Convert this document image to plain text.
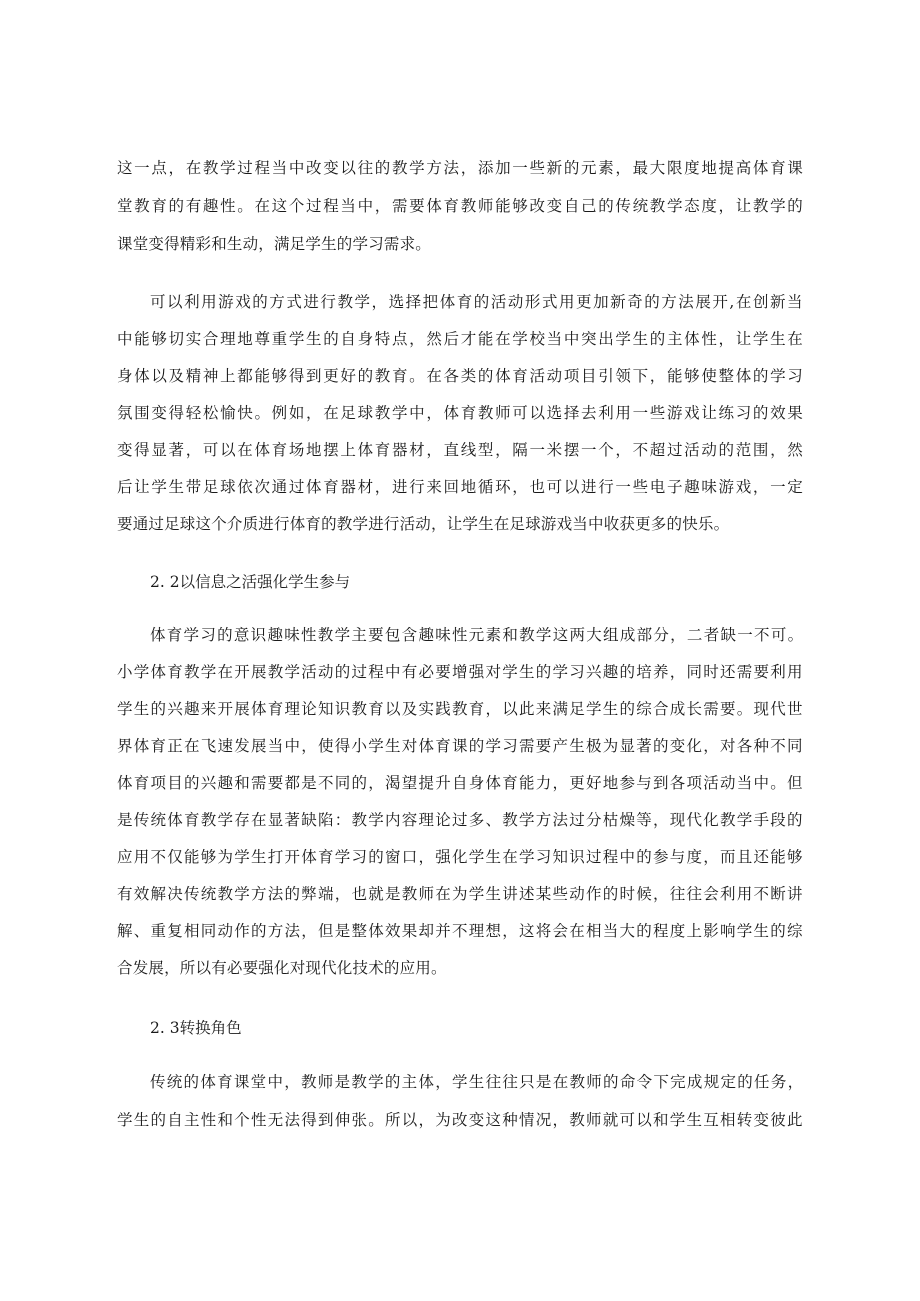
这一点，在教学过程当中改变以往的教学方法，添加一些新的元素，最大限度地提高体育课
堂教育的有趣性。在这个过程当中，需要体育教师能够改变自己的传统教学态度，让教学的
课堂变得精彩和生动，满足学生的学习需求。
可以利用游戏的方式进行教学，选择把体育的活动形式用更加新奇的方法展开,在创新当
中能够切实合理地尊重学生的自身特点，然后才能在学校当中突出学生的主体性，让学生在
身体以及精神上都能够得到更好的教育。在各类的体育活动项目引领下，能够使整体的学习
氛围变得轻松愉快。例如，在足球教学中，体育教师可以选择去利用一些游戏让练习的效果
变得显著，可以在体育场地摆上体育器材，直线型，隔一米摆一个，不超过活动的范围，然
后让学生带足球依次通过体育器材，进行来回地循环，也可以进行一些电子趣味游戏，一定
要通过足球这个介质进行体育的教学进行活动，让学生在足球游戏当中收获更多的快乐。
2. 2以信息之活强化学生参与
体育学习的意识趣味性教学主要包含趣味性元素和教学这两大组成部分，二者缺一不可。
小学体育教学在开展教学活动的过程中有必要增强对学生的学习兴趣的培养，同时还需要利用
学生的兴趣来开展体育理论知识教育以及实践教育，以此来满足学生的综合成长需要。现代世
界体育正在飞速发展当中，使得小学生对体育课的学习需要产生极为显著的变化，对各种不同
体育项目的兴趣和需要都是不同的，渴望提升自身体育能力，更好地参与到各项活动当中。但
是传统体育教学存在显著缺陷：教学内容理论过多、教学方法过分枯燥等，现代化教学手段的
应用不仅能够为学生打开体育学习的窗口，强化学生在学习知识过程中的参与度，而且还能够
有效解决传统教学方法的弊端，也就是教师在为学生讲述某些动作的时候，往往会利用不断讲
解、重复相同动作的方法，但是整体效果却并不理想，这将会在相当大的程度上影响学生的综
合发展，所以有必要强化对现代化技术的应用。
2. 3转换角色
传统的体育课堂中，教师是教学的主体，学生往往只是在教师的命令下完成规定的任务，
学生的自主性和个性无法得到伸张。所以，为改变这种情况，教师就可以和学生互相转变彼此
